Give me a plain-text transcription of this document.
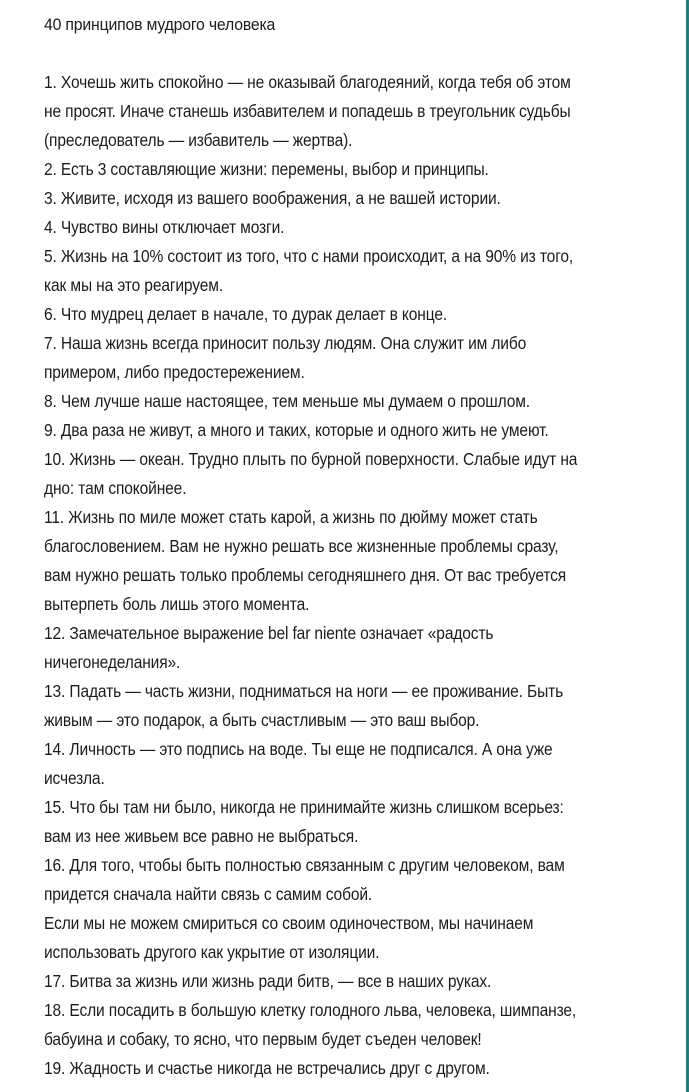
40 принципов мудрого человека
1. Хочешь жить спокойно — не оказывай благодеяний, когда тебя об этом
не просят. Иначе станешь избавителем и попадешь в треугольник судьбы
(преследователь — избавитель — жертва).
2. Есть 3 составляющие жизни: перемены, выбор и принципы.
3. Живите, исходя из вашего воображения, а не вашей истории.
4. Чувство вины отключает мозги.
5. Жизнь на 10% состоит из того, что с нами происходит, а на 90% из того,
как мы на это реагируем.
6. Что мудрец делает в начале, то дурак делает в конце.
7. Наша жизнь всегда приносит пользу людям. Она служит им либо
примером, либо предостережением.
8. Чем лучше наше настоящее, тем меньше мы думаем о прошлом.
9. Два раза не живут, а много и таких, которые и одного жить не умеют.
10. Жизнь — океан. Трудно плыть по бурной поверхности. Слабые идут на
дно: там спокойнее.
11. Жизнь по миле может стать карой, а жизнь по дюйму может стать
благословением. Вам не нужно решать все жизненные проблемы сразу,
вам нужно решать только проблемы сегодняшнего дня. От вас требуется
вытерпеть боль лишь этого момента.
12. Замечательное выражение bel far niente означает «радость
ничегонеделания».
13. Падать — часть жизни, подниматься на ноги — ее проживание. Быть
живым — это подарок, а быть счастливым — это ваш выбор.
14. Личность — это подпись на воде. Ты еще не подписался. А она уже
исчезла.
15. Что бы там ни было, никогда не принимайте жизнь слишком всерьез:
вам из нее живьем все равно не выбраться.
16. Для того, чтобы быть полностью связанным с другим человеком, вам
придется сначала найти связь с самим собой.
Если мы не можем смириться со своим одиночеством, мы начинаем
использовать другого как укрытие от изоляции.
17. Битва за жизнь или жизнь ради битв, — все в наших руках.
18. Если посадить в большую клетку голодного льва, человека, шимпанзе,
бабуина и собаку, то ясно, что первым будет съеден человек!
19. Жадность и счастье никогда не встречались друг с другом.
